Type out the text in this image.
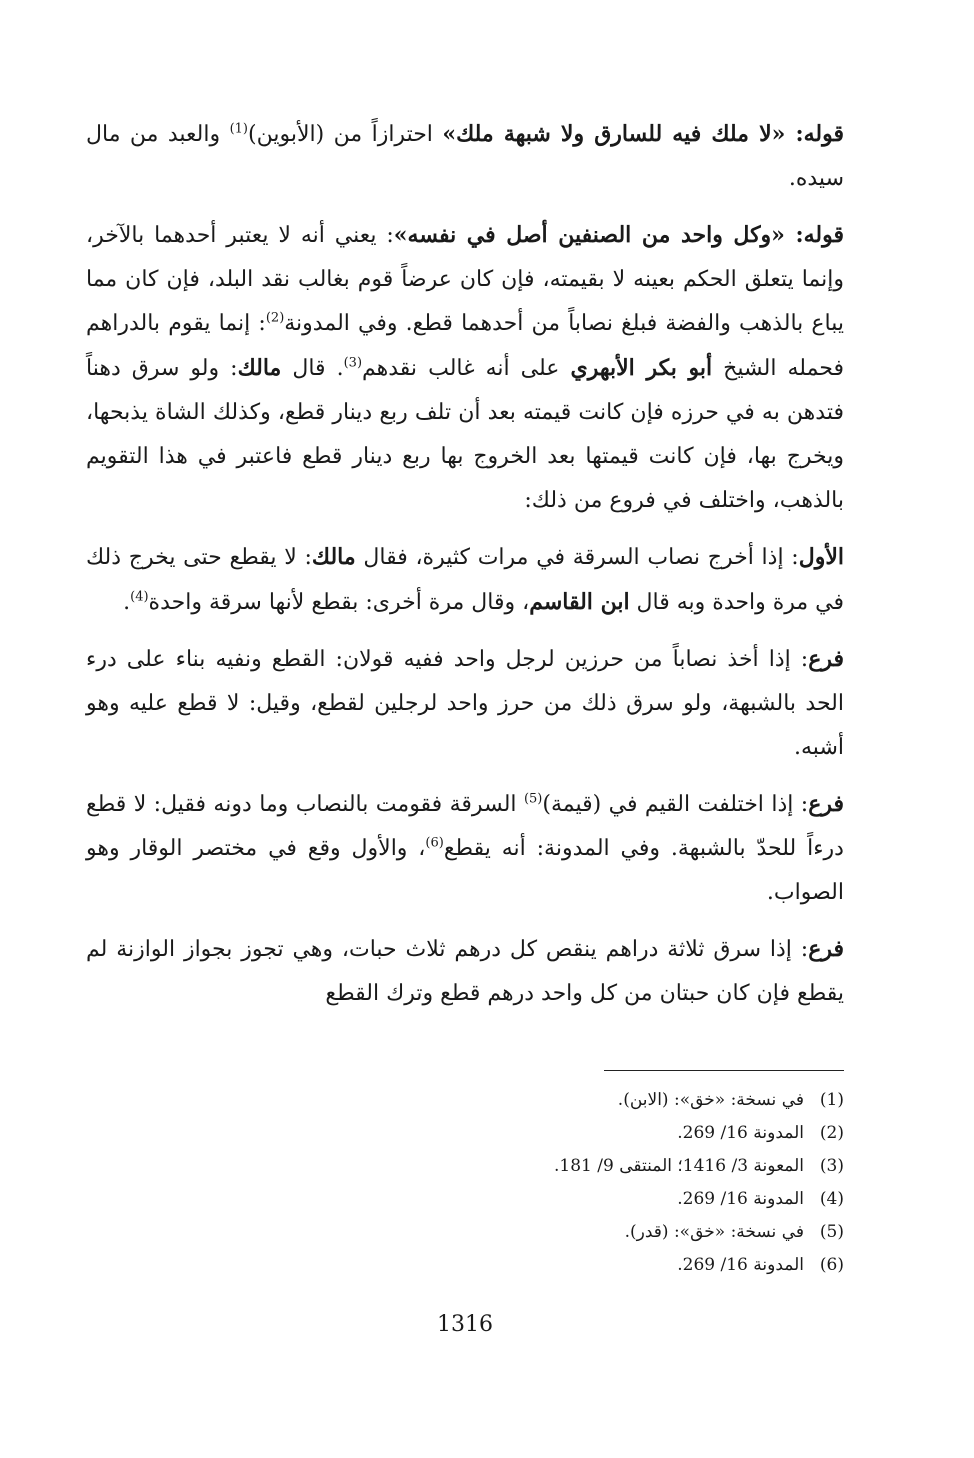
قوله: «لا ملك فيه للسارق ولا شبهة ملك» احترازاً من (الأبوين)$^{(1)}$ والعبد من مال سيده.

قوله: «وكل واحد من الصنفين أصل في نفسه»: يعني أنه لا يعتبر أحدهما بالآخر، وإنما يتعلق الحكم بعينه لا بقيمته، فإن كان عرضاً قوم بغالب نقد البلد، فإن كان مما يباع بالذهب والفضة فبلغ نصاباً من أحدهما قطع. وفي المدونة$^{(2)}$: إنما يقوم بالدراهم فحمله الشيخ أبو بكر الأبهري على أنه غالب نقدهم$^{(3)}$. قال مالك: ولو سرق دهناً فتدهن به في حرزه فإن كانت قيمته بعد أن تلف ربع دينار قطع، وكذلك الشاة يذبحها، ويخرج بها، فإن كانت قيمتها بعد الخروج بها ربع دينار قطع فاعتبر في هذا التقويم بالذهب، واختلف في فروع من ذلك:

الأول: إذا أخرج نصاب السرقة في مرات كثيرة، فقال مالك: لا يقطع حتى يخرج ذلك في مرة واحدة وبه قال ابن القاسم، وقال مرة أخرى: بقطع لأنها سرقة واحدة$^{(4)}$.

فرع: إذا أخذ نصاباً من حرزين لرجل واحد ففيه قولان: القطع ونفيه بناء على درء الحد بالشبهة، ولو سرق ذلك من حرز واحد لرجلين لقطع، وقيل: لا قطع عليه وهو أشبه.

فرع: إذا اختلفت القيم في (قيمة)$^{(5)}$ السرقة فقومت بالنصاب وما دونه فقيل: لا قطع درءاً للحدّ بالشبهة. وفي المدونة: أنه يقطع$^{(6)}$، والأول وقع في مختصر الوقار وهو الصواب.

فرع: إذا سرق ثلاثة دراهم ينقص كل درهم ثلاث حبات، وهي تجوز بجواز الوازنة لم يقطع فإن كان حبتان من كل واحد درهم قطع وترك القطع

(1)في نسخة: «خق»: (الابن).
(2)المدونة 16/ 269.
(3)المعونة 3/ 1416؛ المنتقى 9/ 181.
(4)المدونة 16/ 269.
(5)في نسخة: «خق»: (قدر).
(6)المدونة 16/ 269.
1316
